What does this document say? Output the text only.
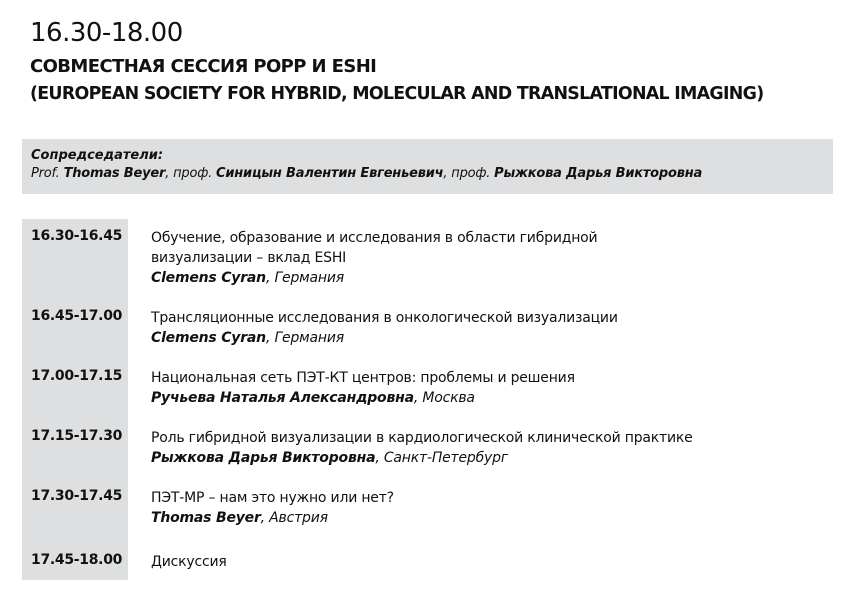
16.30-18.00
СОВМЕСТНАЯ СЕССИЯ РОРР И ESHI
(EUROPEAN SOCIETY FOR HYBRID, MOLECULAR AND TRANSLATIONAL IMAGING)
Сопредседатели:
Prof. Thomas Beyer, проф. Синицын Валентин Евгеньевич, проф. Рыжкова Дарья Викторовна
16.30-16.45 Обучение, образование и исследования в области гибридной визуализации – вклад ESHI
Clemens Cyran, Германия
16.45-17.00 Трансляционные исследования в онкологической визуализации
Clemens Cyran, Германия
17.00-17.15 Национальная сеть ПЭТ-КТ центров: проблемы и решения
Ручьева Наталья Александровна, Москва
17.15-17.30 Роль гибридной визуализации в кардиологической клинической практике
Рыжкова Дарья Викторовна, Санкт-Петербург
17.30-17.45 ПЭТ-МР – нам это нужно или нет?
Thomas Beyer, Австрия
17.45-18.00 Дискуссия
